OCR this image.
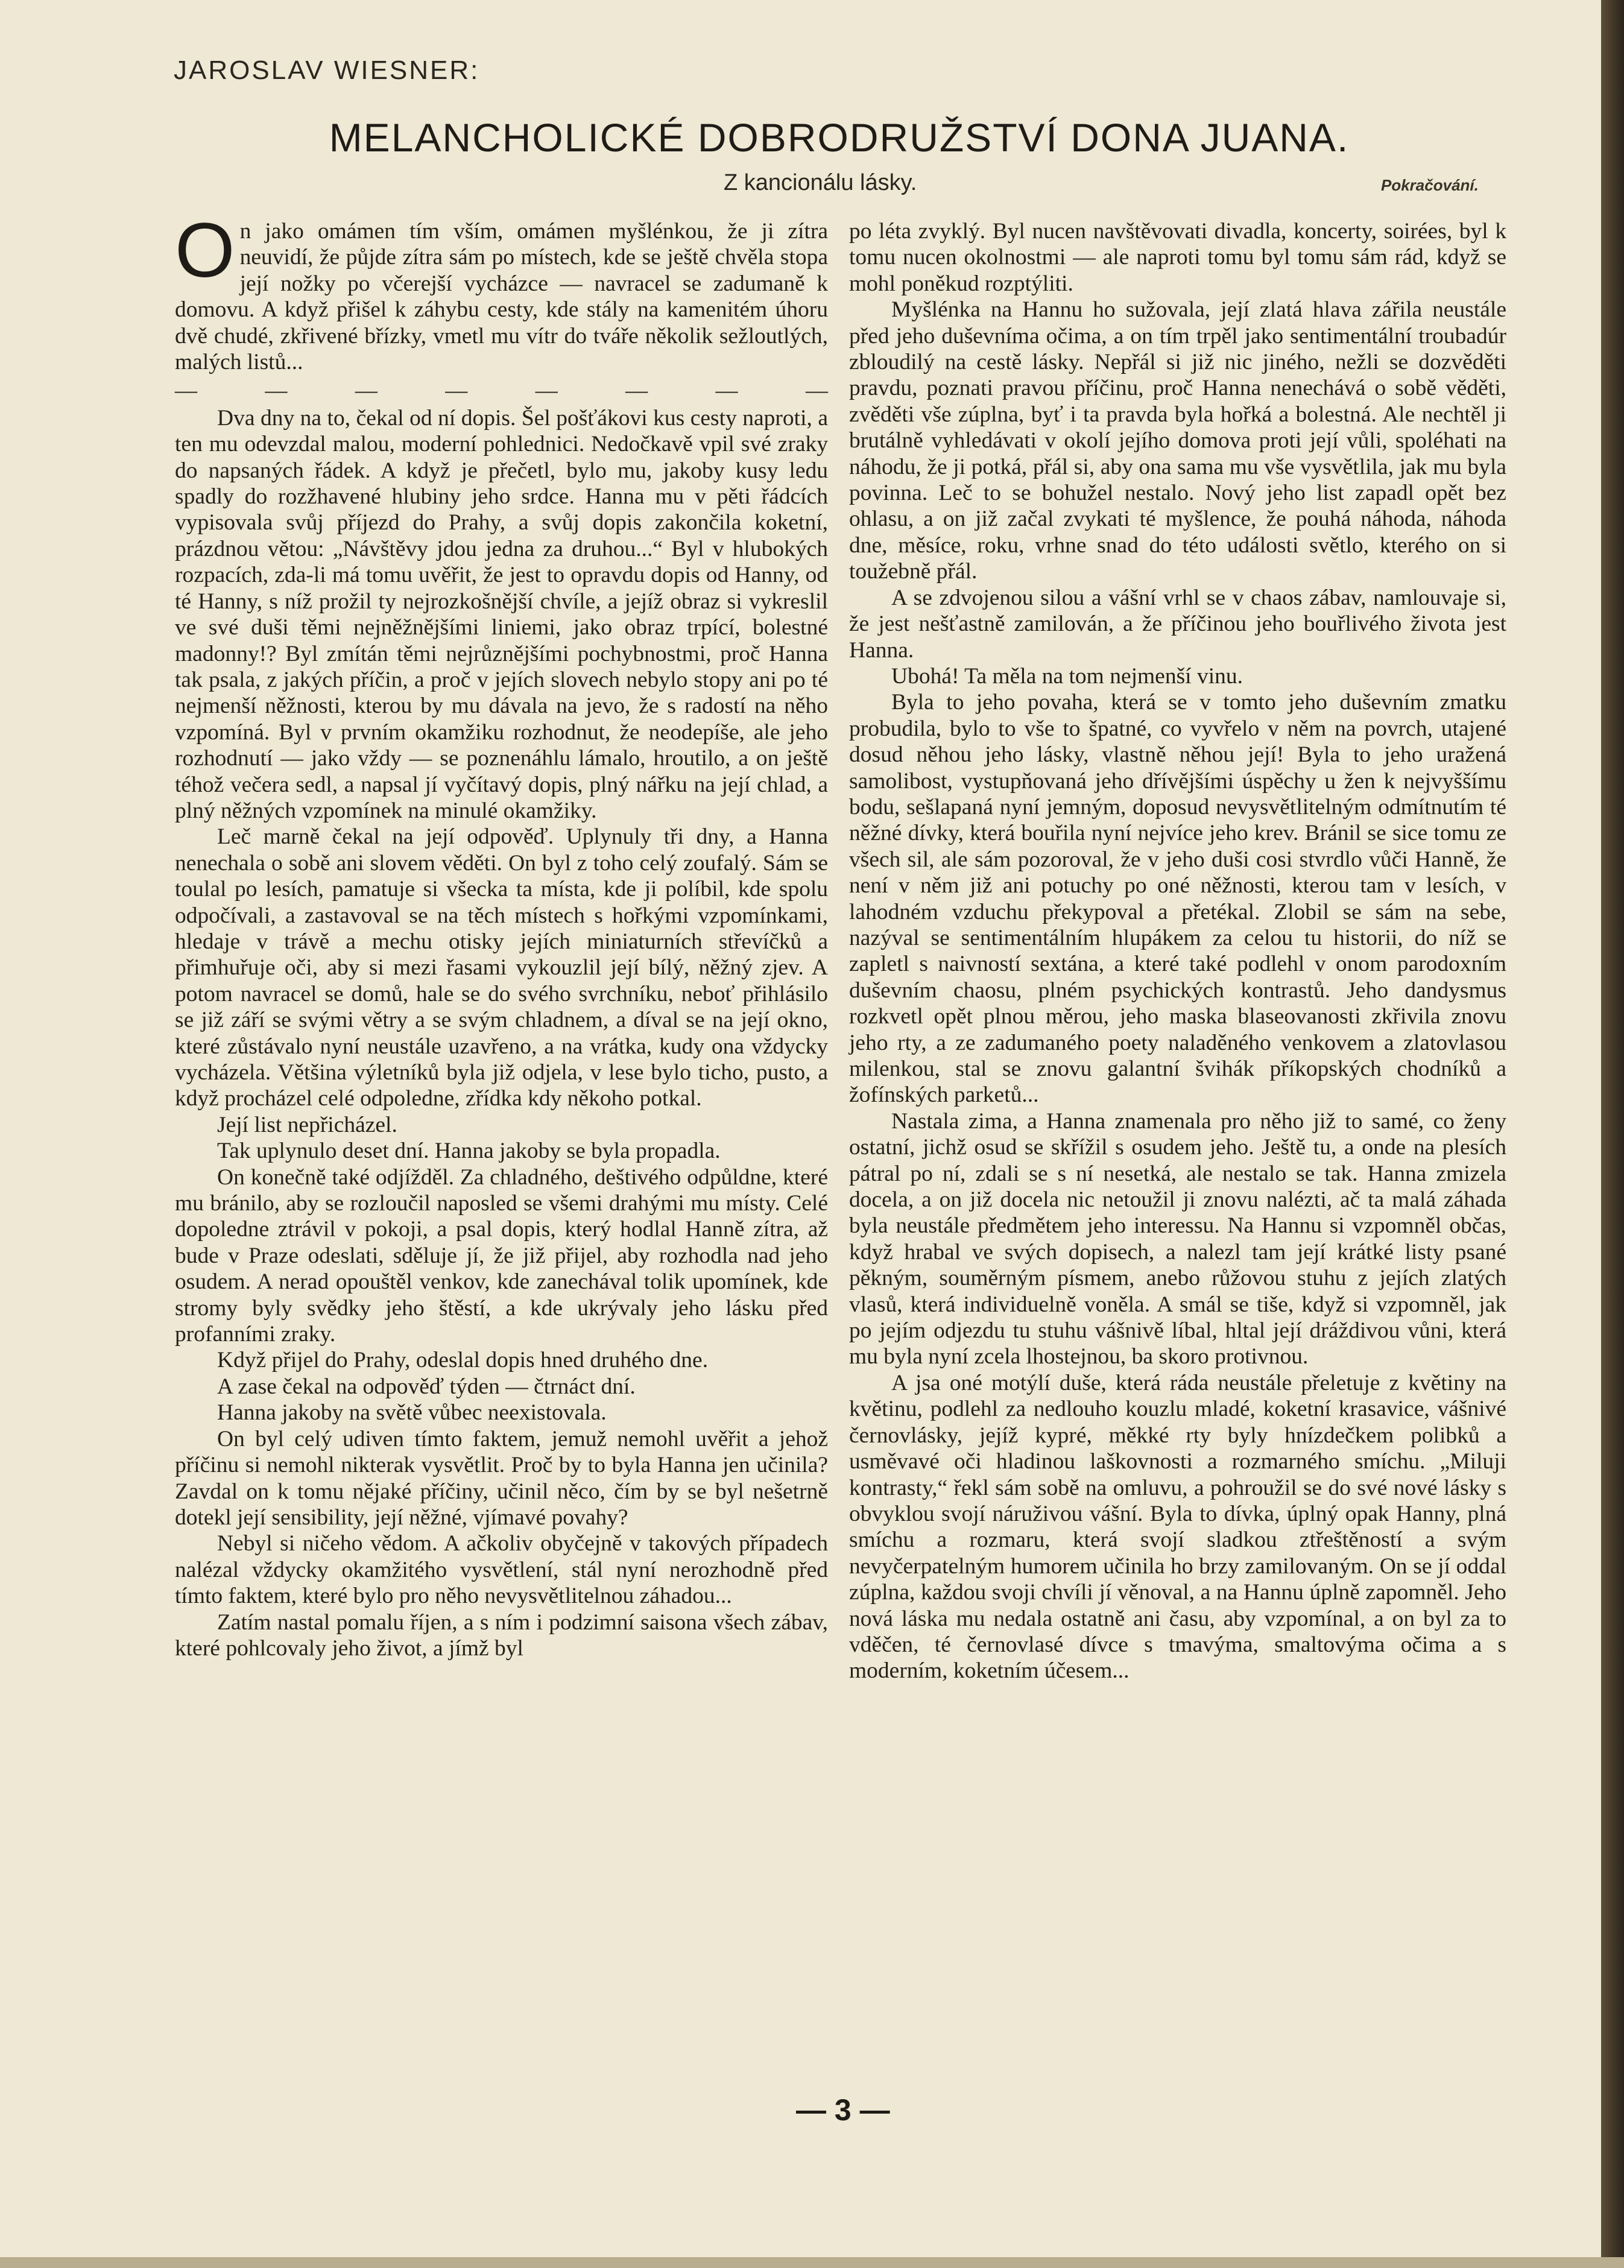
JAROSLAV WIESNER:
MELANCHOLICKÉ DOBRODRUŽSTVÍ DONA JUANA.
Z kancionálu lásky.	Pokračování.

On jako omámen tím vším, omámen myšlénkou, že ji zítra neuvidí, že půjde zítra sám po místech, kde se ještě chvěla stopa její nožky po včerejší vycházce — navracel se zadumaně k domovu. A když přišel k záhybu cesty, kde stály na kamenitém úhoru dvě chudé, zkřivené břízky, vmetl mu vítr do tváře několik sežloutlých, malých listů...

—	—	—	—	—	—	—	—

Dva dny na to, čekal od ní dopis. Šel pošťákovi kus cesty naproti, a ten mu odevzdal malou, moderní pohlednici. Nedočkavě vpil své zraky do napsaných řádek. A když je přečetl, bylo mu, jakoby kusy ledu spadly do rozžhavené hlubiny jeho srdce. Hanna mu v pěti řádcích vypisovala svůj příjezd do Prahy, a svůj dopis zakončila koketní, prázdnou větou: „Návštěvy jdou jedna za druhou...“ Byl v hlubokých rozpacích, zda-li má tomu uvěřit, že jest to opravdu dopis od Hanny, od té Hanny, s níž prožil ty nejrozkošnější chvíle, a jejíž obraz si vykreslil ve své duši těmi nejněžnějšími liniemi, jako obraz trpící, bolestné madonny!? Byl zmítán těmi nejrůznějšími pochybnostmi, proč Hanna tak psala, z jakých příčin, a proč v jejích slovech nebylo stopy ani po té nejmenší něžnosti, kterou by mu dávala na jevo, že s radostí na něho vzpomíná. Byl v prvním okamžiku rozhodnut, že neodepíše, ale jeho rozhodnutí — jako vždy — se poznenáhlu lámalo, hroutilo, a on ještě téhož večera sedl, a napsal jí vyčítavý dopis, plný nářku na její chlad, a plný něžných vzpomínek na minulé okamžiky.

Leč marně čekal na její odpověď. Uplynuly tři dny, a Hanna nenechala o sobě ani slovem věděti. On byl z toho celý zoufalý. Sám se toulal po lesích, pamatuje si všecka ta místa, kde ji políbil, kde spolu odpočívali, a zastavoval se na těch místech s hořkými vzpomínkami, hledaje v trávě a mechu otisky jejích miniaturních střevíčků a přimhuřuje oči, aby si mezi řasami vykouzlil její bílý, něžný zjev. A potom navracel se domů, hale se do svého svrchníku, neboť přihlásilo se již září se svými větry a se svým chladnem, a díval se na její okno, které zůstávalo nyní neustále uzavřeno, a na vrátka, kudy ona vždycky vycházela. Většina výletníků byla již odjela, v lese bylo ticho, pusto, a když procházel celé odpoledne, zřídka kdy někoho potkal.

Její list nepřicházel.

Tak uplynulo deset dní. Hanna jakoby se byla propadla.

On konečně také odjížděl. Za chladného, deštivého odpůldne, které mu bránilo, aby se rozloučil naposled se všemi drahými mu místy. Celé dopoledne ztrávil v pokoji, a psal dopis, který hodlal Hanně zítra, až bude v Praze odeslati, sděluje jí, že již přijel, aby rozhodla nad jeho osudem. A nerad opouštěl venkov, kde zanechával tolik upomínek, kde stromy byly svědky jeho štěstí, a kde ukrývaly jeho lásku před profanními zraky.

Když přijel do Prahy, odeslal dopis hned druhého dne.

A zase čekal na odpověď týden — čtrnáct dní.

Hanna jakoby na světě vůbec neexistovala.

On byl celý udiven tímto faktem, jemuž nemohl uvěřit a jehož příčinu si nemohl nikterak vysvětlit. Proč by to byla Hanna jen učinila? Zavdal on k tomu nějaké příčiny, učinil něco, čím by se byl nešetrně dotekl její sensibility, její něžné, vjímavé povahy?

Nebyl si ničeho vědom. A ačkoliv obyčejně v takových případech nalézal vždycky okamžitého vysvětlení, stál nyní nerozhodně před tímto faktem, které bylo pro něho nevysvětlitelnou záhadou...

Zatím nastal pomalu říjen, a s ním i podzimní saisona všech zábav, které pohlcovaly jeho život, a jímž byl

po léta zvyklý. Byl nucen navštěvovati divadla, koncerty, soirées, byl k tomu nucen okolnostmi — ale naproti tomu byl tomu sám rád, když se mohl poněkud rozptýliti.

Myšlénka na Hannu ho sužovala, její zlatá hlava zářila neustále před jeho duševníma očima, a on tím trpěl jako sentimentální troubadúr zbloudilý na cestě lásky. Nepřál si již nic jiného, nežli se dozvěděti pravdu, poznati pravou příčinu, proč Hanna nenechává o sobě věděti, zvěděti vše zúplna, byť i ta pravda byla hořká a bolestná. Ale nechtěl ji brutálně vyhledávati v okolí jejího domova proti její vůli, spoléhati na náhodu, že ji potká, přál si, aby ona sama mu vše vysvětlila, jak mu byla povinna. Leč to se bohužel nestalo. Nový jeho list zapadl opět bez ohlasu, a on již začal zvykati té myšlence, že pouhá náhoda, náhoda dne, měsíce, roku, vrhne snad do této události světlo, kterého on si toužebně přál.

A se zdvojenou silou a vášní vrhl se v chaos zábav, namlouvaje si, že jest nešťastně zamilován, a že příčinou jeho bouřlivého života jest Hanna.

Ubohá! Ta měla na tom nejmenší vinu.

Byla to jeho povaha, která se v tomto jeho duševním zmatku probudila, bylo to vše to špatné, co vyvřelo v něm na povrch, utajené dosud něhou jeho lásky, vlastně něhou její! Byla to jeho uražená samolibost, vystupňovaná jeho dřívějšími úspěchy u žen k nejvyššímu bodu, sešlapaná nyní jemným, doposud nevysvětlitelným odmítnutím té něžné dívky, která bouřila nyní nejvíce jeho krev. Bránil se sice tomu ze všech sil, ale sám pozoroval, že v jeho duši cosi stvrdlo vůči Hanně, že není v něm již ani potuchy po oné něžnosti, kterou tam v lesích, v lahodném vzduchu překypoval a přetékal. Zlobil se sám na sebe, nazýval se sentimentálním hlupákem za celou tu historii, do níž se zapletl s naivností sextána, a které také podlehl v onom parodoxním duševním chaosu, plném psychických kontrastů. Jeho dandysmus rozkvetl opět plnou měrou, jeho maska blaseovanosti zkřivila znovu jeho rty, a ze zadumaného poety naladěného venkovem a zlatovlasou milenkou, stal se znovu galantní švihák příkopských chodníků a žofínských parketů...

Nastala zima, a Hanna znamenala pro něho již to samé, co ženy ostatní, jichž osud se skřížil s osudem jeho. Ještě tu, a onde na plesích pátral po ní, zdali se s ní nesetká, ale nestalo se tak. Hanna zmizela docela, a on již docela nic netoužil ji znovu nalézti, ač ta malá záhada byla neustále předmětem jeho interessu. Na Hannu si vzpomněl občas, když hrabal ve svých dopisech, a nalezl tam její krátké listy psané pěkným, souměrným písmem, anebo růžovou stuhu z jejích zlatých vlasů, která individuelně voněla. A smál se tiše, když si vzpomněl, jak po jejím odjezdu tu stuhu vášnivě líbal, hltal její dráždivou vůni, která mu byla nyní zcela lhostejnou, ba skoro protivnou.

A jsa oné motýlí duše, která ráda neustále přeletuje z květiny na květinu, podlehl za nedlouho kouzlu mladé, koketní krasavice, vášnivé černovlásky, jejíž kypré, měkké rty byly hnízdečkem polibků a usměvavé oči hladinou laškovnosti a rozmarného smíchu. „Miluji kontrasty,“ řekl sám sobě na omluvu, a pohroužil se do své nové lásky s obvyklou svojí náruživou vášní. Byla to dívka, úplný opak Hanny, plná smíchu a rozmaru, která svojí sladkou ztřeštěností a svým nevyčerpatelným humorem učinila ho brzy zamilovaným. On se jí oddal zúplna, každou svoji chvíli jí věnoval, a na Hannu úplně zapomněl. Jeho nová láska mu nedala ostatně ani času, aby vzpomínal, a on byl za to vděčen, té černovlasé dívce s tmavýma, smaltovýma očima a s moderním, koketním účesem...

— 3 —
